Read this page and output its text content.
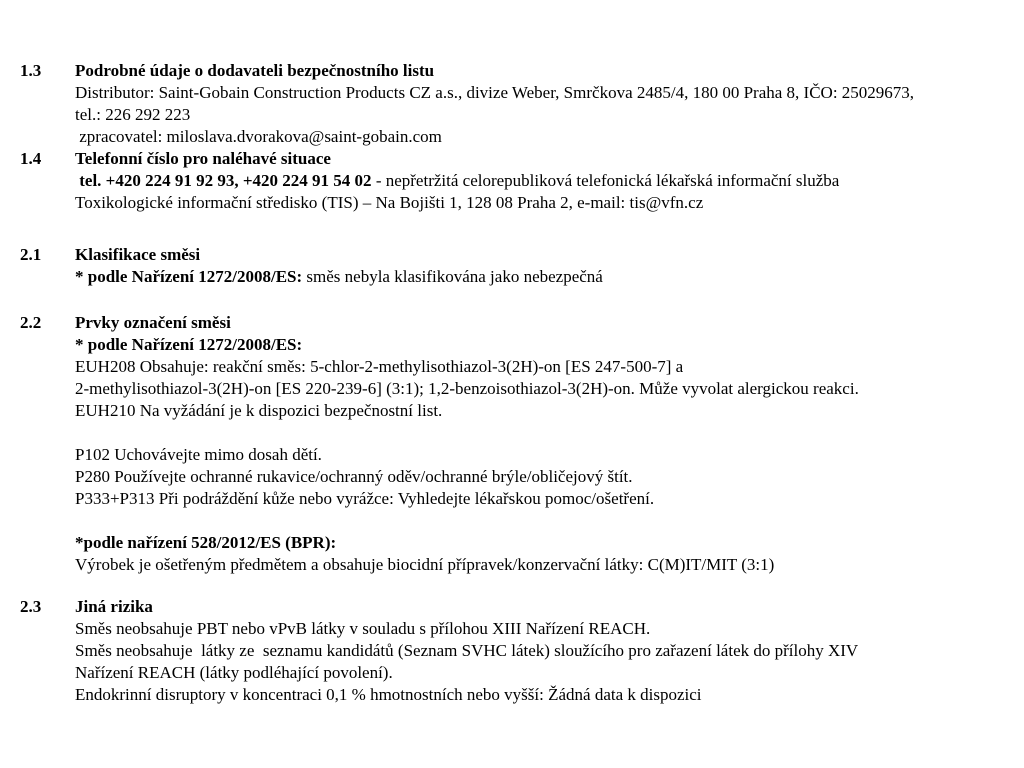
1.3	Podrobné údaje o dodavateli bezpečnostního listu
Distributor: Saint-Gobain Construction Products CZ a.s., divize Weber, Smrčkova 2485/4, 180 00 Praha 8, IČO: 25029673,
tel.: 226 292 223
zpracovatel: miloslava.dvorakova@saint-gobain.com
1.4	Telefonní číslo pro naléhavé situace
tel. +420 224 91 92 93, +420 224 91 54 02 - nepřetržitá celorepubliková telefonická lékařská informační služba
Toxikologické informační středisko (TIS) – Na Bojišti 1, 128 08 Praha 2, e-mail: tis@vfn.cz
2.1	Klasifikace směsi
* podle Nařízení 1272/2008/ES: směs nebyla klasifikována jako nebezpečná
2.2	Prvky označení směsi
* podle Nařízení 1272/2008/ES:
EUH208 Obsahuje: reakční směs: 5-chlor-2-methylisothiazol-3(2H)-on [ES 247-500-7] a
2-methylisothiazol-3(2H)-on [ES 220-239-6] (3:1); 1,2-benzoisothiazol-3(2H)-on. Může vyvolat alergickou reakci.
EUH210 Na vyžádání je k dispozici bezpečnostní list.
P102 Uchovávejte mimo dosah dětí.
P280 Používejte ochranné rukavice/ochranný oděv/ochranné brýle/obličejový štít.
P333+P313 Při podráždění kůže nebo vyrážce: Vyhledejte lékařskou pomoc/ošetření.
*podle nařízení 528/2012/ES (BPR):
Výrobek je ošetřeným předmětem a obsahuje biocidní přípravek/konzervační látky: C(M)IT/MIT (3:1)
2.3	Jiná rizika
Směs neobsahuje PBT nebo vPvB látky v souladu s přílohou XIII Nařízení REACH.
Směs neobsahuje  látky ze  seznamu kandidátů (Seznam SVHC látek) sloužícího pro zařazení látek do přílohy XIV
Nařízení REACH (látky podléhající povolení).
Endokrinní disruptory v koncentraci 0,1 % hmotnostních nebo vyšší: Žádná data k dispozici
